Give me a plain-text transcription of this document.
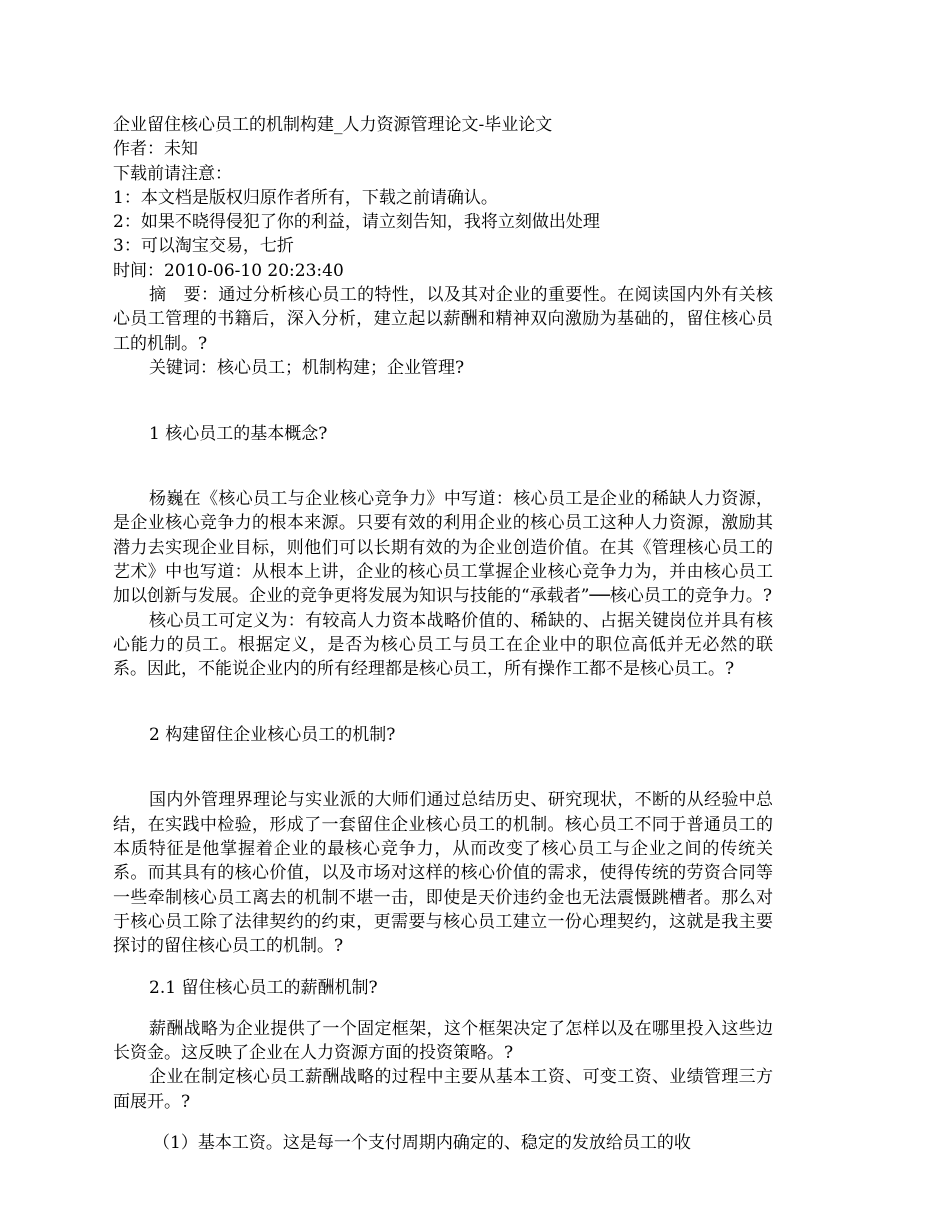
企业留住核心员工的机制构建_人力资源管理论文-毕业论文

作者：未知

下载前请注意：

1：本文档是版权归原作者所有，下载之前请确认。

2：如果不晓得侵犯了你的利益，请立刻告知，我将立刻做出处理

3：可以淘宝交易，七折

时间：2010-06-10 20:23:40

摘　要：通过分析核心员工的特性，以及其对企业的重要性。在阅读国内外有关核心员工管理的书籍后，深入分析，建立起以薪酬和精神双向激励为基础的，留住核心员工的机制。?

关键词：核心员工；机制构建；企业管理?

1 核心员工的基本概念?

杨巍在《核心员工与企业核心竞争力》中写道：核心员工是企业的稀缺人力资源，是企业核心竞争力的根本来源。只要有效的利用企业的核心员工这种人力资源，激励其潜力去实现企业目标，则他们可以长期有效的为企业创造价值。在其《管理核心员工的艺术》中也写道：从根本上讲，企业的核心员工掌握企业核心竞争力为，并由核心员工加以创新与发展。企业的竞争更将发展为知识与技能的“承载者”──核心员工的竞争力。?

核心员工可定义为：有较高人力资本战略价值的、稀缺的、占据关键岗位并具有核心能力的员工。根据定义，是否为核心员工与员工在企业中的职位高低并无必然的联系。因此，不能说企业内的所有经理都是核心员工，所有操作工都不是核心员工。?

2 构建留住企业核心员工的机制?

国内外管理界理论与实业派的大师们通过总结历史、研究现状，不断的从经验中总结，在实践中检验，形成了一套留住企业核心员工的机制。核心员工不同于普通员工的本质特征是他掌握着企业的最核心竞争力，从而改变了核心员工与企业之间的传统关系。而其具有的核心价值，以及市场对这样的核心价值的需求，使得传统的劳资合同等一些牵制核心员工离去的机制不堪一击，即使是天价违约金也无法震慑跳槽者。那么对于核心员工除了法律契约的约束，更需要与核心员工建立一份心理契约，这就是我主要探讨的留住核心员工的机制。?

2.1 留住核心员工的薪酬机制?

薪酬战略为企业提供了一个固定框架，这个框架决定了怎样以及在哪里投入这些边长资金。这反映了企业在人力资源方面的投资策略。?

企业在制定核心员工薪酬战略的过程中主要从基本工资、可变工资、业绩管理三方面展开。?

（1）基本工资。这是每一个支付周期内确定的、稳定的发放给员工的收
